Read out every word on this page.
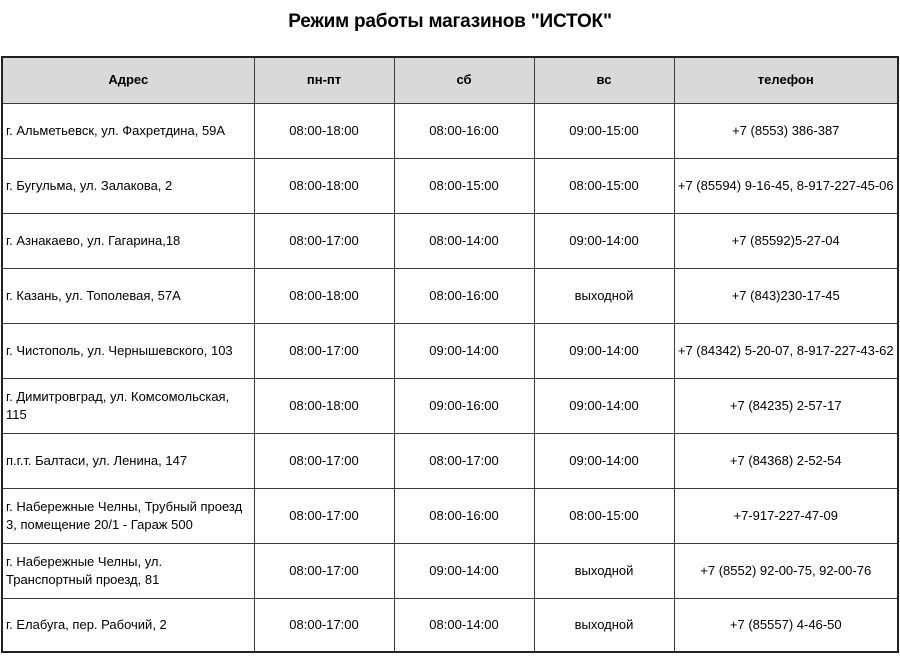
Режим работы магазинов "ИСТОК"
Адрес	пн-пт	сб	вс	телефон
г. Альметьевск, ул. Фахретдина, 59А	08:00-18:00	08:00-16:00	09:00-15:00	+7 (8553) 386-387
г. Бугульма, ул. Залакова, 2	08:00-18:00	08:00-15:00	08:00-15:00	+7 (85594) 9-16-45, 8-917-227-45-06
г. Азнакаево, ул. Гагарина,18	08:00-17:00	08:00-14:00	09:00-14:00	+7 (85592)5-27-04
г. Казань, ул. Тополевая, 57А	08:00-18:00	08:00-16:00	выходной	+7 (843)230-17-45
г. Чистополь, ул. Чернышевского, 103	08:00-17:00	09:00-14:00	09:00-14:00	+7 (84342) 5-20-07, 8-917-227-43-62
г. Димитровград, ул. Комсомольская, 115	08:00-18:00	09:00-16:00	09:00-14:00	+7 (84235) 2-57-17
п.г.т. Балтаси, ул. Ленина, 147	08:00-17:00	08:00-17:00	09:00-14:00	+7 (84368) 2-52-54
г. Набережные Челны, Трубный проезд 3, помещение 20/1 - Гараж 500	08:00-17:00	08:00-16:00	08:00-15:00	+7-917-227-47-09
г. Набережные Челны, ул. Транспортный проезд, 81	08:00-17:00	09:00-14:00	выходной	+7 (8552) 92-00-75, 92-00-76
г. Елабуга, пер. Рабочий, 2	08:00-17:00	08:00-14:00	выходной	+7 (85557) 4-46-50
